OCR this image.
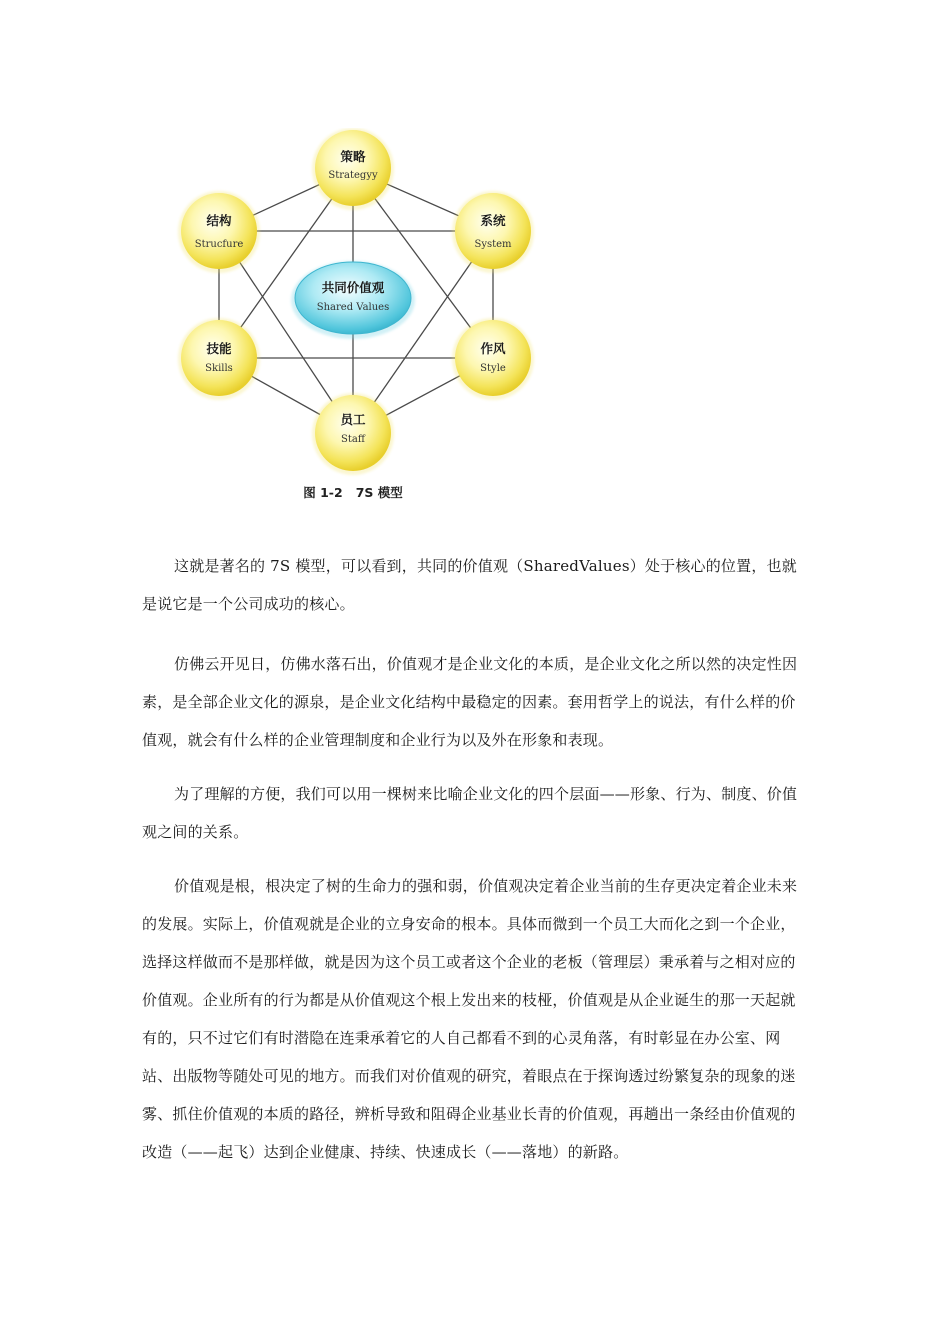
共同价值观
Shared Values
策略
Strategyy
结构
Strucfure
系统
System
技能
Skills
作风
Style
员工
Staff
图 1-2   7S 模型

这就是著名的 7S 模型，可以看到，共同的价值观（SharedValues）处于核心的位置，也就是说它是一个公司成功的核心。

仿佛云开见日，仿佛水落石出，价值观才是企业文化的本质，是企业文化之所以然的决定性因素，是全部企业文化的源泉，是企业文化结构中最稳定的因素。套用哲学上的说法，有什么样的价值观，就会有什么样的企业管理制度和企业行为以及外在形象和表现。

为了理解的方便，我们可以用一棵树来比喻企业文化的四个层面——形象、行为、制度、价值观之间的关系。

价值观是根，根决定了树的生命力的强和弱，价值观决定着企业当前的生存更决定着企业未来的发展。实际上，价值观就是企业的立身安命的根本。具体而微到一个员工大而化之到一个企业，选择这样做而不是那样做，就是因为这个员工或者这个企业的老板（管理层）秉承着与之相对应的价值观。企业所有的行为都是从价值观这个根上发出来的枝桠，价值观是从企业诞生的那一天起就有的，只不过它们有时潜隐在连秉承着它的人自己都看不到的心灵角落，有时彰显在办公室、网站、出版物等随处可见的地方。而我们对价值观的研究，着眼点在于探询透过纷繁复杂的现象的迷雾、抓住价值观的本质的路径，辨析导致和阻碍企业基业长青的价值观，再趟出一条经由价值观的改造（——起飞）达到企业健康、持续、快速成长（——落地）的新路。
